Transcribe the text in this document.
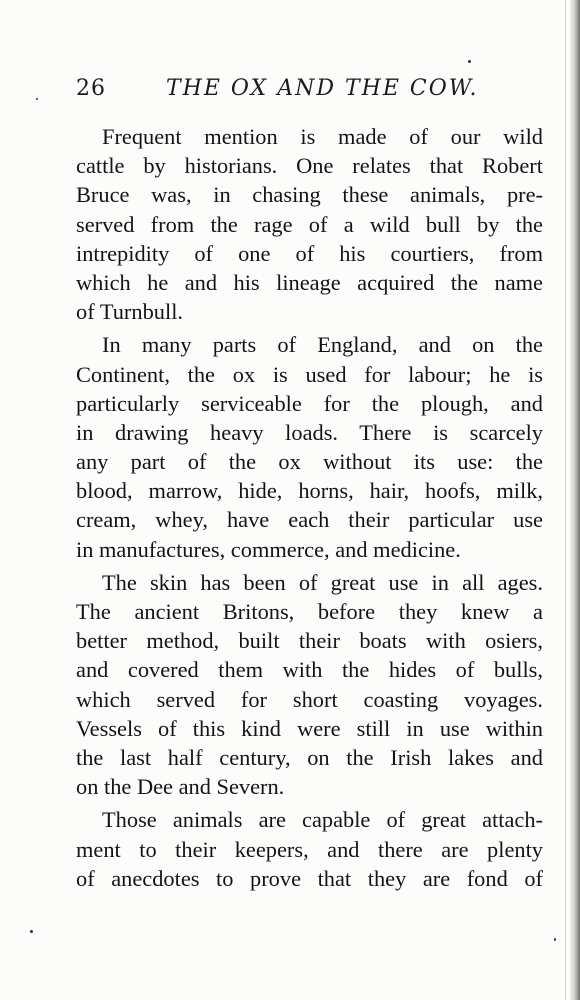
26	THE OX AND THE COW.

Frequent mention is made of our wild
cattle by historians. One relates that Robert
Bruce was, in chasing these animals, pre-
served from the rage of a wild bull by the
intrepidity of one of his courtiers, from
which he and his lineage acquired the name
of Turnbull.

In many parts of England, and on the
Continent, the ox is used for labour; he is
particularly serviceable for the plough, and
in drawing heavy loads. There is scarcely
any part of the ox without its use: the
blood, marrow, hide, horns, hair, hoofs, milk,
cream, whey, have each their particular use
in manufactures, commerce, and medicine.

The skin has been of great use in all ages.
The ancient Britons, before they knew a
better method, built their boats with osiers,
and covered them with the hides of bulls,
which served for short coasting voyages.
Vessels of this kind were still in use within
the last half century, on the Irish lakes and
on the Dee and Severn.

Those animals are capable of great attach-
ment to their keepers, and there are plenty
of anecdotes to prove that they are fond of
